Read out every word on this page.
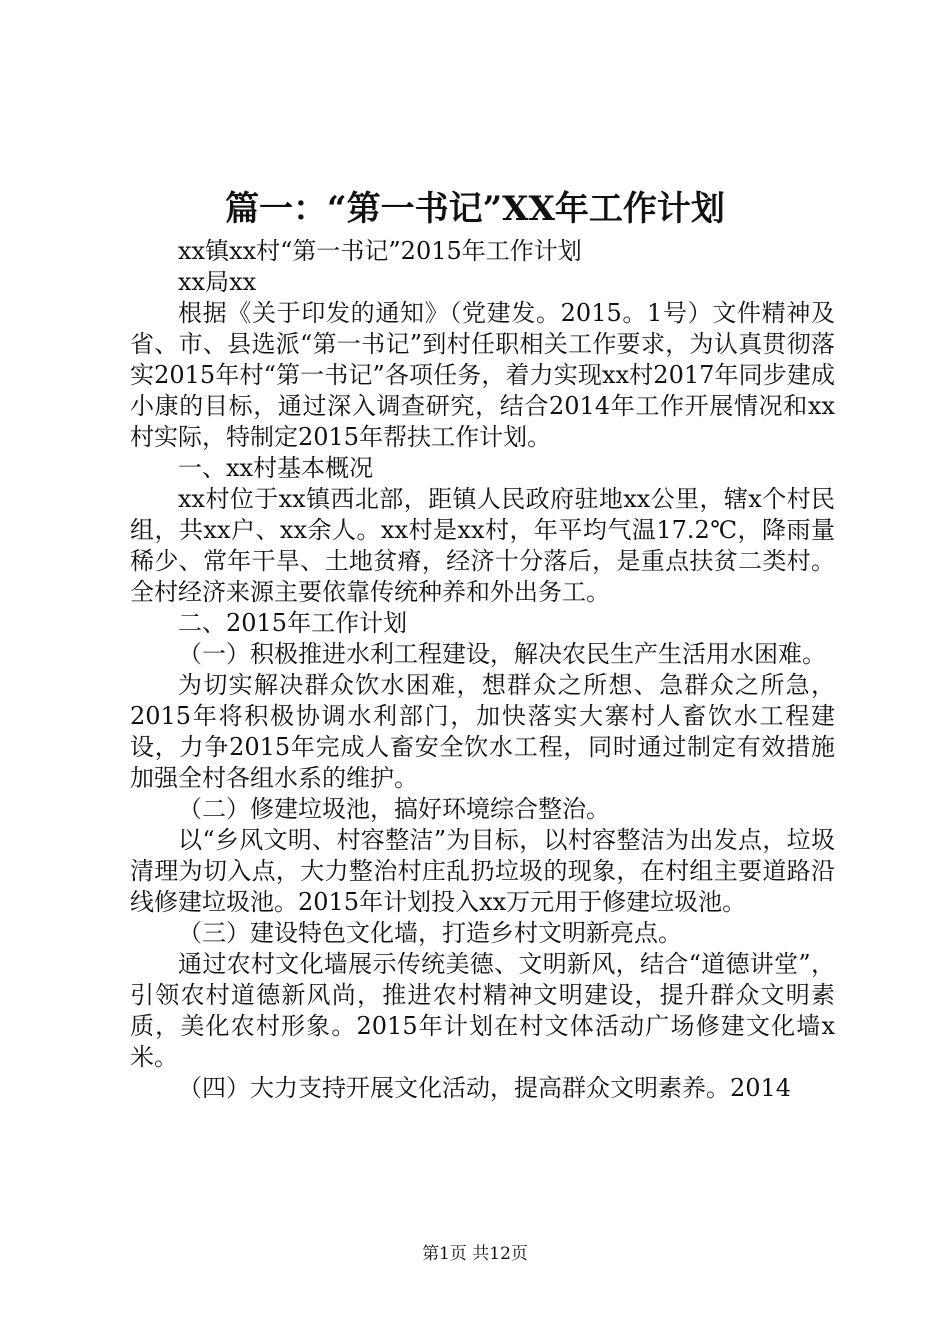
篇一：“第一书记”XX年工作计划

xx镇xx村“第一书记”2015年工作计划

xx局xx

根据《关于印发的通知》（党建发。2015。1号）文件精神及省、市、县选派“第一书记”到村任职相关工作要求，为认真贯彻落实2015年村“第一书记”各项任务，着力实现xx村2017年同步建成小康的目标，通过深入调查研究，结合2014年工作开展情况和xx村实际，特制定2015年帮扶工作计划。

一、xx村基本概况

xx村位于xx镇西北部，距镇人民政府驻地xx公里，辖x个村民组，共xx户、xx余人。xx村是xx村，年平均气温17.2℃，降雨量稀少、常年干旱、土地贫瘠，经济十分落后，是重点扶贫二类村。全村经济来源主要依靠传统种养和外出务工。

二、2015年工作计划

（一）积极推进水利工程建设，解决农民生产生活用水困难。

为切实解决群众饮水困难，想群众之所想、急群众之所急，2015年将积极协调水利部门，加快落实大寨村人畜饮水工程建设，力争2015年完成人畜安全饮水工程，同时通过制定有效措施加强全村各组水系的维护。

（二）修建垃圾池，搞好环境综合整治。

以“乡风文明、村容整洁”为目标，以村容整洁为出发点，垃圾清理为切入点，大力整治村庄乱扔垃圾的现象，在村组主要道路沿线修建垃圾池。2015年计划投入xx万元用于修建垃圾池。

（三）建设特色文化墙，打造乡村文明新亮点。

通过农村文化墙展示传统美德、文明新风，结合“道德讲堂”，引领农村道德新风尚，推进农村精神文明建设，提升群众文明素质，美化农村形象。2015年计划在村文体活动广场修建文化墙x米。

（四）大力支持开展文化活动，提高群众文明素养。2014

第1页 共12页
